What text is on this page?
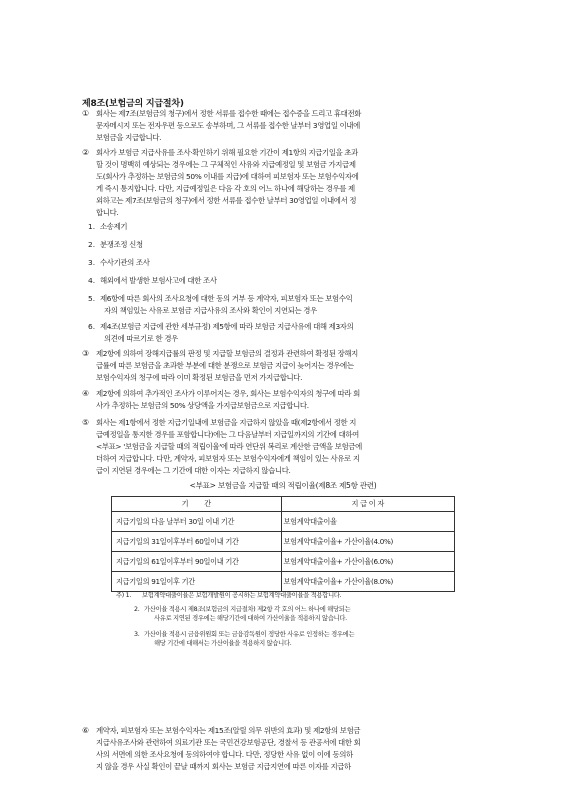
제8조(보험금의 지급절차)
① 회사는 제7조(보험금의 청구)에서 정한 서류를 접수한 때에는 접수증을 드리고 휴대전화
문자메시지 또는 전자우편 등으로도 송부하며, 그 서류를 접수한 날부터 3영업일 이내에
보험금을 지급합니다.
② 회사가 보험금 지급사유를 조사·확인하기 위해 필요한 기간이 제1항의 지급기일을 초과
할 것이 명백히 예상되는 경우에는 그 구체적인 사유와 지급예정일 및 보험금 가지급제
도(회사가 추정하는 보험금의 50% 이내를 지급)에 대하여 피보험자 또는 보험수익자에
게 즉시 통지합니다. 다만, 지급예정일은 다음 각 호의 어느 하나에 해당하는 경우를 제
외하고는 제7조(보험금의 청구)에서 정한 서류를 접수한 날부터 30영업일 이내에서 정
합니다.
1. 소송제기
2. 분쟁조정 신청
3. 수사기관의 조사
4. 해외에서 발생한 보험사고에 대한 조사
5. 제6항에 따른 회사의 조사요청에 대한 동의 거부 등 계약자, 피보험자 또는 보험수익
자의 책임있는 사유로 보험금 지급사유의 조사와 확인이 지연되는 경우
6. 제4조(보험금 지급에 관한 세부규정) 제5항에 따라 보험금 지급사유에 대해 제3자의
의견에 따르기로 한 경우
③ 제2항에 의하여 장해지급률의 판정 및 지급할 보험금의 결정과 관련하여 확정된 장해지
급률에 따른 보험금을 초과한 부분에 대한 분쟁으로 보험금 지급이 늦어지는 경우에는
보험수익자의 청구에 따라 이미 확정된 보험금을 먼저 가지급합니다.
④ 제2항에 의하여 추가적인 조사가 이루어지는 경우, 회사는 보험수익자의 청구에 따라 회
사가 추정하는 보험금의 50% 상당액을 가지급보험금으로 지급합니다.
⑤ 회사는 제1항에서 정한 지급기일내에 보험금을 지급하지 않았을 때(제2항에서 정한 지
급예정일을 통지한 경우를 포함합니다)에는 그 다음날부터 지급일까지의 기간에 대하여
<부표> '보험금을 지급할 때의 적립이율'에 따라 연단위 복리로 계산한 금액을 보험금에
더하여 지급합니다. 다만, 계약자, 피보험자 또는 보험수익자에게 책임이 있는 사유로 지
급이 지연된 경우에는 그 기간에 대한 이자는 지급하지 않습니다.
<부표> 보험금을 지급할 때의 적립이율(제8조 제5항 관련)
기        간	지 급 이 자
지급기일의 다음 날부터 30일 이내 기간	보험계약대출이율
지급기일의 31일이후부터 60일이내 기간	보험계약대출이율+ 가산이율(4.0%)
지급기일의 61일이후부터 90일이내 기간	보험계약대출이율+ 가산이율(6.0%)
지급기일의 91일이후 기간	보험계약대출이율+ 가산이율(8.0%)
주) 1. 보험계약대출이율은 보험개발원이 공시하는 보험계약대출이율을 적용합니다.
2. 가산이율 적용시 제8조(보험금의 지급절차) 제2항 각 호의 어느 하나에 해당되는
사유로 지연된 경우에는 해당기간에 대하여 가산이율을 적용하지 않습니다.
3. 가산이율 적용시 금융위원회 또는 금융감독원이 정당한 사유로 인정하는 경우에는
해당 기간에 대해서는 가산이율을 적용하지 않습니다.
⑥ 계약자, 피보험자 또는 보험수익자는 제15조(알릴 의무 위반의 효과) 및 제2항의 보험금
지급사유조사와 관련하여 의료기관 또는 국민건강보험공단, 경찰서 등 관공서에 대한 회
사의 서면에 의한 조사요청에 동의하여야 합니다. 다만, 정당한 사유 없이 이에 동의하
지 않을 경우 사실 확인이 끝날 때까지 회사는 보험금 지급지연에 따른 이자를 지급하
